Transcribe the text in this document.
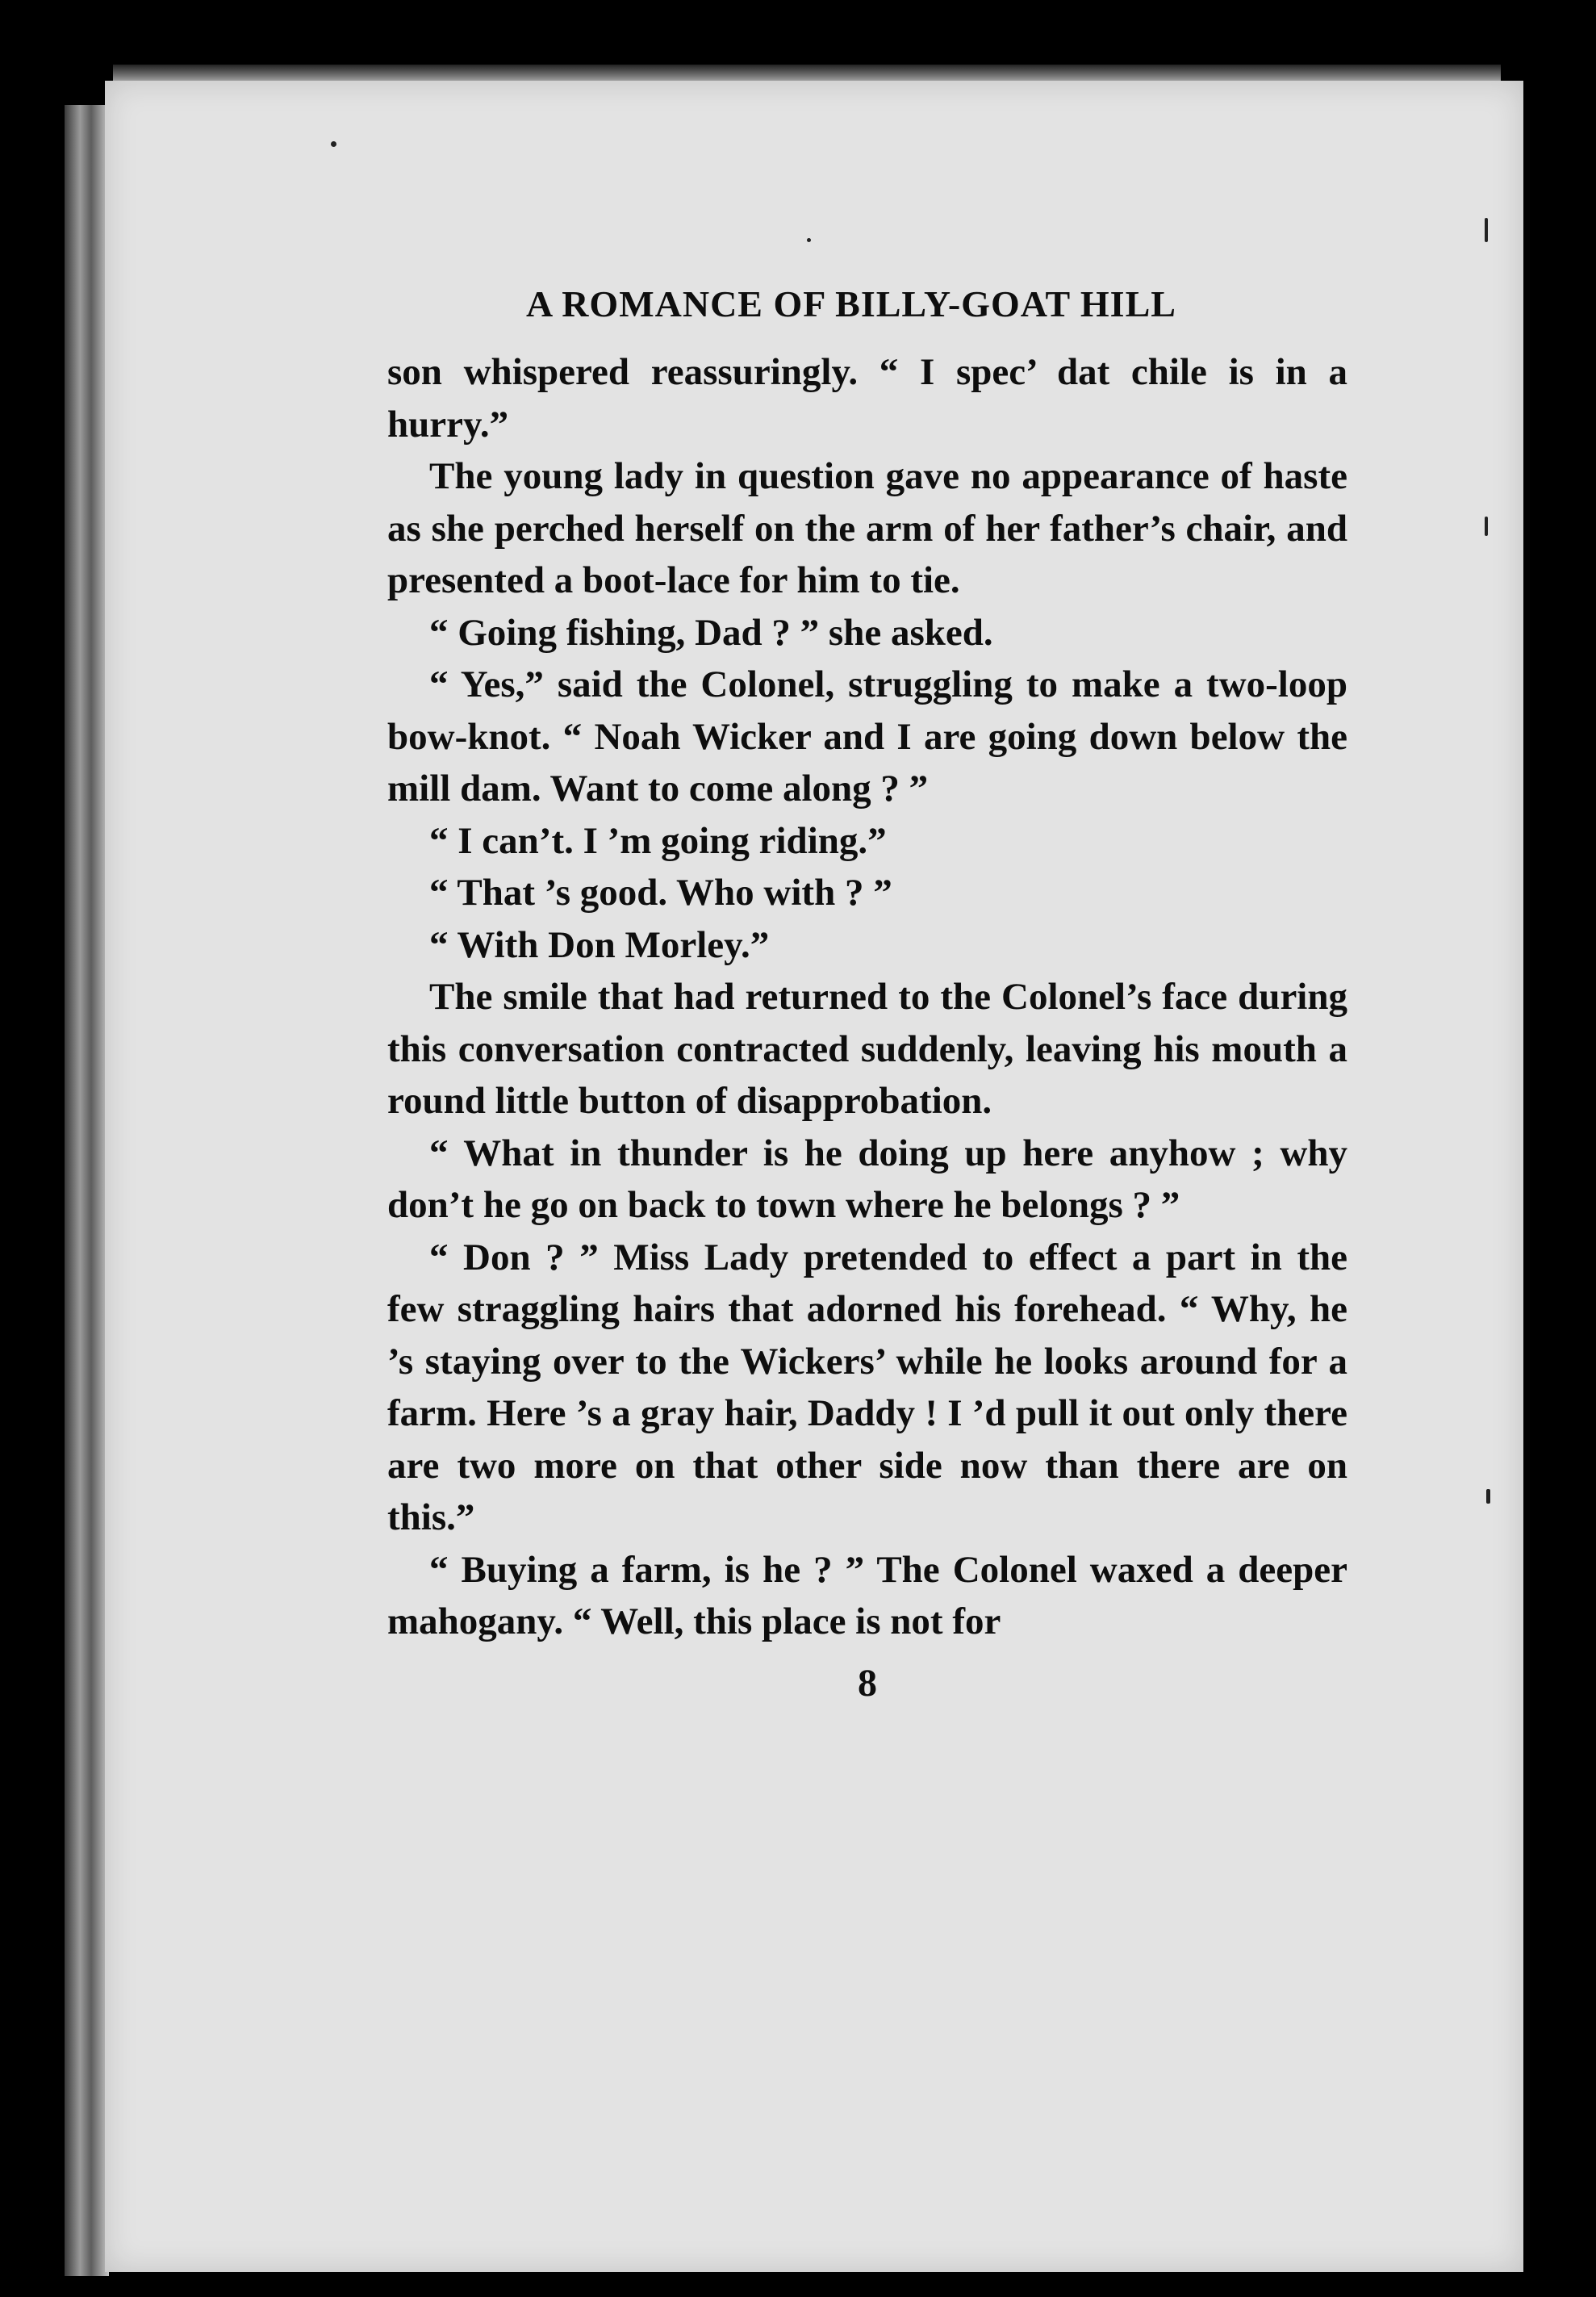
A ROMANCE OF BILLY-GOAT HILL

son whispered reassuringly. “ I spec’ dat chile is in a hurry.”

The young lady in question gave no appearance of haste as she perched herself on the arm of her father’s chair, and presented a boot-lace for him to tie.

“ Going fishing, Dad ? ” she asked.

“ Yes,” said the Colonel, struggling to make a two-loop bow-knot. “ Noah Wicker and I are going down below the mill dam. Want to come along ? ”

“ I can’t. I ’m going riding.”

“ That ’s good. Who with ? ”

“ With Don Morley.”

The smile that had returned to the Colonel’s face during this conversation contracted suddenly, leaving his mouth a round little button of disapprobation.

“ What in thunder is he doing up here anyhow ; why don’t he go on back to town where he belongs ? ”

“ Don ? ” Miss Lady pretended to effect a part in the few straggling hairs that adorned his forehead. “ Why, he ’s staying over to the Wickers’ while he looks around for a farm. Here ’s a gray hair, Daddy ! I ’d pull it out only there are two more on that other side now than there are on this.”

“ Buying a farm, is he ? ” The Colonel waxed a deeper mahogany. “ Well, this place is not for

8
